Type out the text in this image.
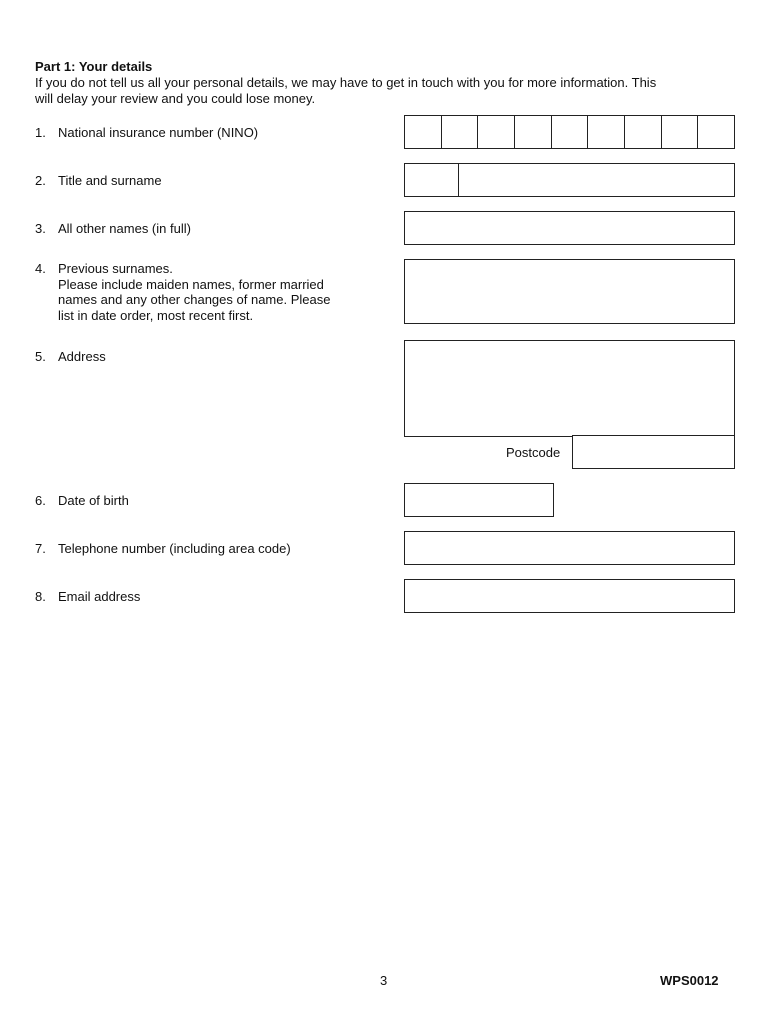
Part 1: Your details
If you do not tell us all your personal details, we may have to get in touch with you for more information. This
will delay your review and you could lose money.
1. National insurance number (NINO)
2. Title and surname
3. All other names (in full)
4. Previous surnames.
Please include maiden names, former married
names and any other changes of name. Please
list in date order, most recent first.
5. Address
Postcode
6. Date of birth
7. Telephone number (including area code)
8. Email address
3	WPS0012
